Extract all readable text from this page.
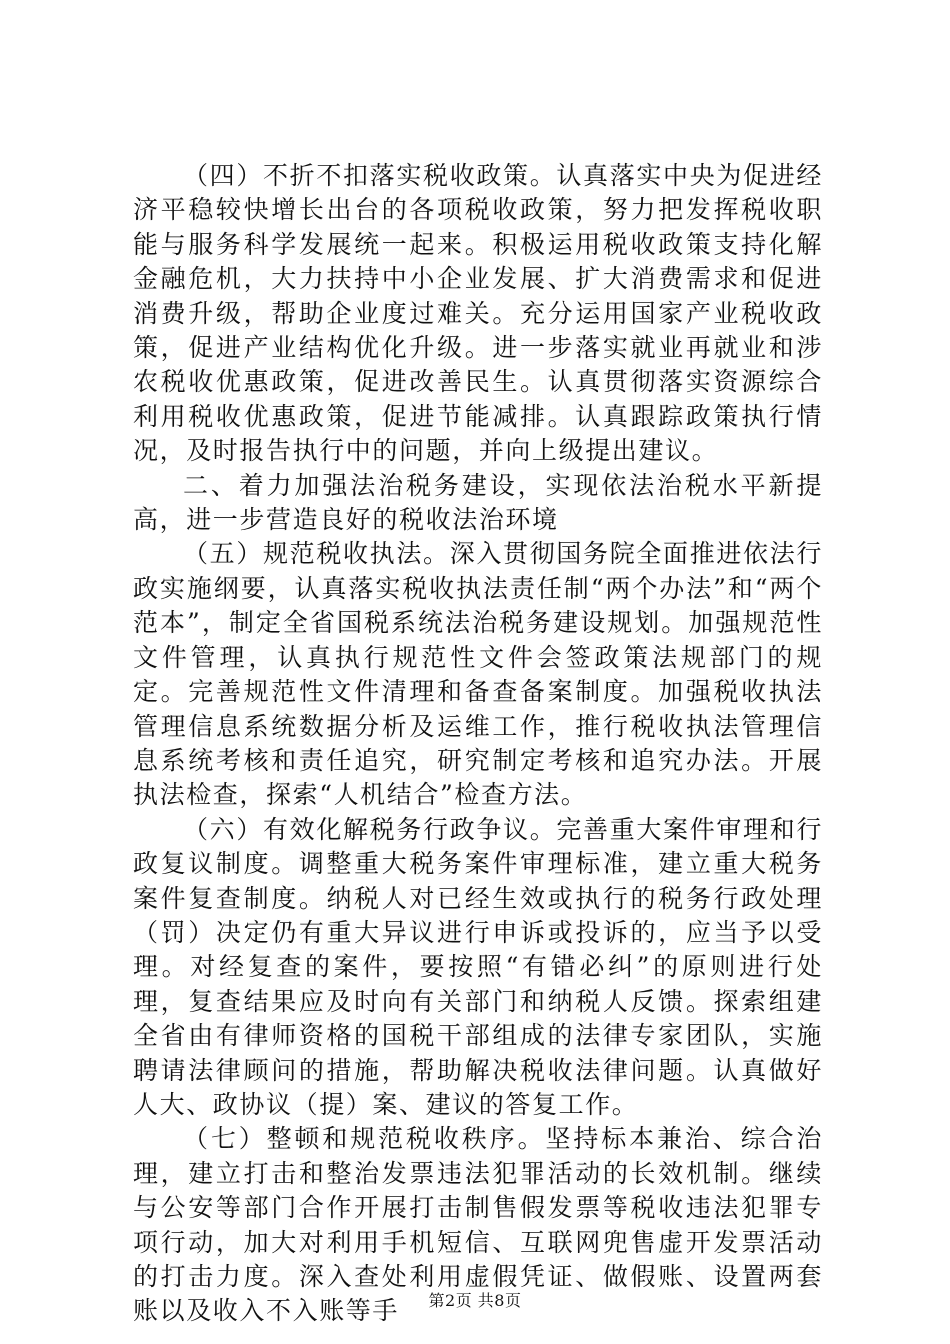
（四）不折不扣落实税收政策。认真落实中央为促进经济平稳较快增长出台的各项税收政策，努力把发挥税收职能与服务科学发展统一起来。积极运用税收政策支持化解金融危机，大力扶持中小企业发展、扩大消费需求和促进消费升级，帮助企业度过难关。充分运用国家产业税收政策，促进产业结构优化升级。进一步落实就业再就业和涉农税收优惠政策，促进改善民生。认真贯彻落实资源综合利用税收优惠政策，促进节能减排。认真跟踪政策执行情况，及时报告执行中的问题，并向上级提出建议。

二、着力加强法治税务建设，实现依法治税水平新提高，进一步营造良好的税收法治环境

（五）规范税收执法。深入贯彻国务院全面推进依法行政实施纲要，认真落实税收执法责任制“两个办法”和“两个范本”，制定全省国税系统法治税务建设规划。加强规范性文件管理，认真执行规范性文件会签政策法规部门的规定。完善规范性文件清理和备查备案制度。加强税收执法管理信息系统数据分析及运维工作，推行税收执法管理信息系统考核和责任追究，研究制定考核和追究办法。开展执法检查，探索“人机结合”检查方法。

（六）有效化解税务行政争议。完善重大案件审理和行政复议制度。调整重大税务案件审理标准，建立重大税务案件复查制度。纳税人对已经生效或执行的税务行政处理（罚）决定仍有重大异议进行申诉或投诉的，应当予以受理。对经复查的案件，要按照“有错必纠”的原则进行处理，复查结果应及时向有关部门和纳税人反馈。探索组建全省由有律师资格的国税干部组成的法律专家团队，实施聘请法律顾问的措施，帮助解决税收法律问题。认真做好人大、政协议（提）案、建议的答复工作。

（七）整顿和规范税收秩序。坚持标本兼治、综合治理，建立打击和整治发票违法犯罪活动的长效机制。继续与公安等部门合作开展打击制售假发票等税收违法犯罪专项行动，加大对利用手机短信、互联网兜售虚开发票活动的打击力度。深入查处利用虚假凭证、做假账、设置两套账以及收入不入账等手	第2页 共8页
